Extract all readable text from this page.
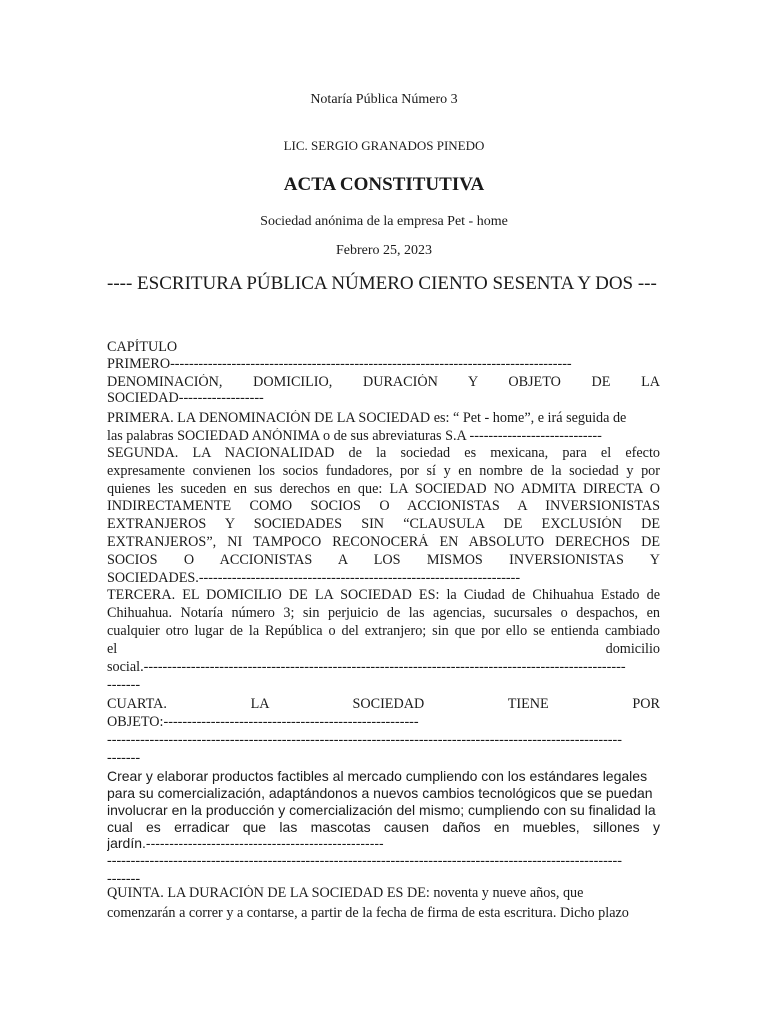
Notaría Pública Número 3
LIC. SERGIO GRANADOS PINEDO
ACTA CONSTITUTIVA
Sociedad anónima de la empresa Pet - home
Febrero 25, 2023
---- ESCRITURA PÚBLICA NÚMERO CIENTO SESENTA Y DOS ---
CAPÍTULO
PRIMERO-------------------------------------------------------------------------------------
DENOMINACIÓN, DOMICILIO, DURACIÓN Y OBJETO DE LA
SOCIEDAD------------------
PRIMERA. LA DENOMINACIÓN DE LA SOCIEDAD es: “ Pet - home”, e irá seguida de
las palabras SOCIEDAD ANÓNIMA o de sus abreviaturas S.A ----------------------------
SEGUNDA. LA NACIONALIDAD de la sociedad es mexicana, para el efecto
expresamente convienen los socios fundadores, por sí y en nombre de la sociedad y por
quienes les suceden en sus derechos en que: LA SOCIEDAD NO ADMITA DIRECTA O
INDIRECTAMENTE COMO SOCIOS O ACCIONISTAS A INVERSIONISTAS
EXTRANJEROS Y SOCIEDADES SIN “CLAUSULA DE EXCLUSIÓN DE
EXTRANJEROS”, NI TAMPOCO RECONOCERÁ EN ABSOLUTO DERECHOS DE
SOCIOS O ACCIONISTAS A LOS MISMOS INVERSIONISTAS Y
SOCIEDADES.--------------------------------------------------------------------
TERCERA. EL DOMICILIO DE LA SOCIEDAD ES: la Ciudad de Chihuahua Estado de
Chihuahua. Notaría número 3; sin perjuicio de las agencias, sucursales o despachos, en
cualquier otro lugar de la República o del extranjero; sin que por ello se entienda cambiado
el domicilio
social.------------------------------------------------------------------------------------------------------
-------
CUARTA. LA SOCIEDAD TIENE POR
OBJETO:------------------------------------------------------
-------------------------------------------------------------------------------------------------------------
-------
Crear y elaborar productos factibles al mercado cumpliendo con los estándares legales
para su comercialización, adaptándonos a nuevos cambios tecnológicos que se puedan
involucrar en la producción y comercialización del mismo; cumpliendo con su finalidad la
cual es erradicar que las mascotas causen daños en muebles, sillones y
jardín.---------------------------------------------------
-------------------------------------------------------------------------------------------------------------
-------
QUINTA. LA DURACIÓN DE LA SOCIEDAD ES DE: noventa y nueve años, que
comenzarán a correr y a contarse, a partir de la fecha de firma de esta escritura. Dicho plazo
